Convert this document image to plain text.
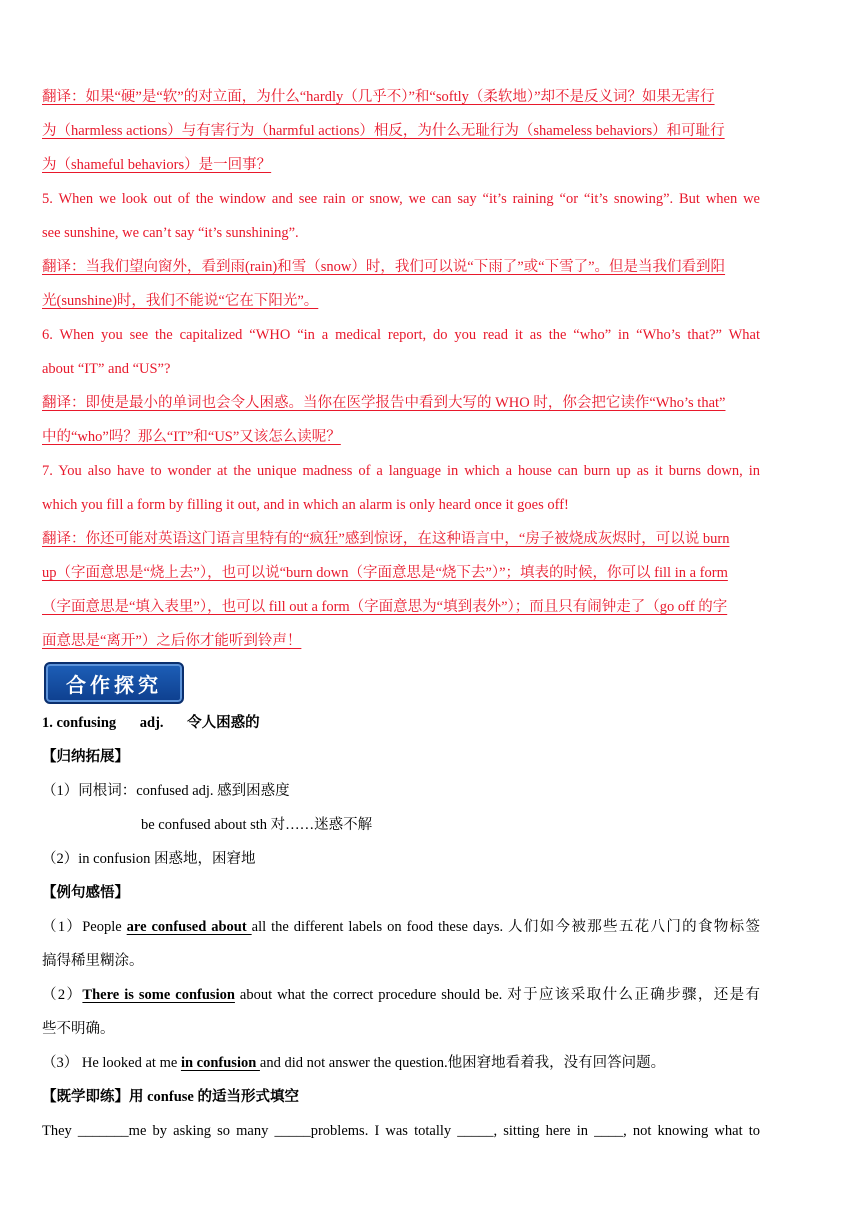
翻译：如果“硬”是“软”的对立面，为什么“hardly（几乎不）”和“softly（柔软地）”却不是反义词？如果无害行
为（harmless actions）与有害行为（harmful actions）相反，为什么无耻行为（shameless behaviors）和可耻行
为（shameful behaviors）是一回事？
5. When we look out of the window and see rain or snow, we can say “it’s raining “or “it’s snowing”. But when we
see sunshine, we can’t say “it’s sunshining”.
翻译：当我们望向窗外，看到雨(rain)和雪（snow）时，我们可以说“下雨了”或“下雪了”。但是当我们看到阳
光(sunshine)时，我们不能说“它在下阳光”。
6. When you see the capitalized “WHO “in a medical report, do you read it as the “who” in “Who’s that?” What
about “IT” and “US”?
翻译：即使是最小的单词也会令人困惑。当你在医学报告中看到大写的 WHO 时，你会把它读作“Who’s that”
中的“who”吗？那么“IT”和“US”又该怎么读呢？
7. You also have to wonder at the unique madness of a language in which a house can burn up as it burns down, in
which you fill a form by filling it out, and in which an alarm is only heard once it goes off!
翻译：你还可能对英语这门语言里特有的“疯狂”感到惊讶，在这种语言中，“房子被烧成灰烬时，可以说 burn
up（字面意思是“烧上去”），也可以说“burn down（字面意思是“烧下去”）”；填表的时候，你可以 fill in a form
（字面意思是“填入表里”），也可以 fill out a form（字面意思为“填到表外”）；而且只有闹钟走了（go off 的字
面意思是“离开”）之后你才能听到铃声！
合作探究
1. confusing adj. 令人困惑的
【归纳拓展】
（1）同根词：confused adj. 感到困惑度
be confused about sth 对……迷惑不解
（2）in confusion 困惑地，困窘地
【例句感悟】
（1）People are confused about all the different labels on food these days. 人们如今被那些五花八门的食物标签
搞得稀里糊涂。
（2）There is some confusion about what the correct procedure should be. 对于应该采取什么正确步骤，还是有
些不明确。
（3） He looked at me in confusion and did not answer the question.他困窘地看着我，没有回答问题。
【既学即练】用 confuse 的适当形式填空
They _______me by asking so many _____problems. I was totally _____, sitting here in ____, not knowing what to
